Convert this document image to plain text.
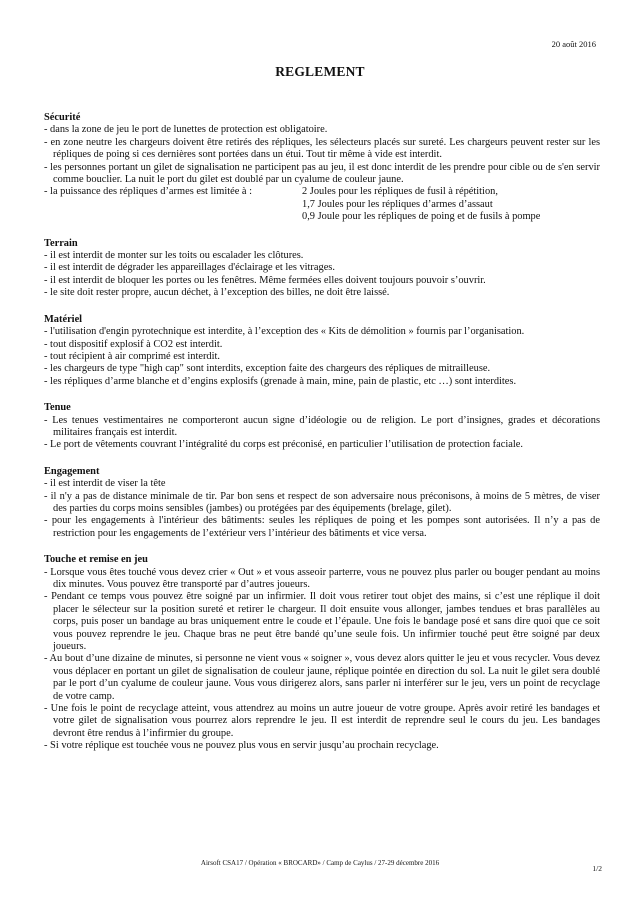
20 août 2016
REGLEMENT
Sécurité
- dans la zone de jeu le port de lunettes de protection est obligatoire.
- en zone neutre les chargeurs doivent être retirés des répliques, les sélecteurs placés sur sureté. Les chargeurs peuvent rester sur les répliques de poing si ces dernières sont portées dans un étui. Tout tir même à vide est interdit.
- les personnes portant un gilet de signalisation ne participent pas au jeu, il est donc interdit de les prendre pour cible ou de s'en servir comme bouclier. La nuit le port du gilet est doublé par un cyalume de couleur jaune.
- la puissance des répliques d’armes est limitée à :	2 Joules pour les répliques de fusil à répétition,
1,7 Joules pour les répliques d’armes d’assaut
0,9 Joule pour les répliques de poing et de fusils à pompe
Terrain
- il est interdit de monter sur les toits ou escalader les clôtures.
- il est interdit de dégrader les appareillages d'éclairage et les vitrages.
- il est interdit de bloquer les portes ou les fenêtres. Même fermées elles doivent toujours pouvoir s’ouvrir.
- le site doit rester propre, aucun déchet, à l’exception des billes, ne doit être laissé.
Matériel
- l'utilisation d'engin pyrotechnique est interdite, à l’exception des « Kits de démolition » fournis par l’organisation.
- tout dispositif explosif à CO2 est interdit.
- tout récipient à air comprimé est interdit.
- les chargeurs de type "high cap" sont interdits, exception faite des chargeurs des répliques de mitrailleuse.
- les répliques d’arme blanche et d’engins explosifs (grenade à main, mine, pain de plastic, etc …) sont interdites.
Tenue
- Les tenues vestimentaires ne comporteront aucun signe d’idéologie ou de religion. Le port d’insignes, grades et décorations militaires français est interdit.
- Le port de vêtements couvrant l’intégralité du corps est préconisé, en particulier l’utilisation de protection faciale.
Engagement
- il est interdit de viser la tête
- il n'y a pas de distance minimale de tir. Par bon sens et respect de son adversaire nous préconisons, à moins de 5 mètres, de viser des parties du corps moins sensibles (jambes) ou protégées par des équipements (brelage, gilet).
- pour les engagements à l'intérieur des bâtiments: seules les répliques de poing et les pompes sont autorisées. Il n’y a pas de restriction pour les engagements de l’extérieur vers l’intérieur des bâtiments et vice versa.
Touche et remise en jeu
- Lorsque vous êtes touché vous devez crier « Out » et vous asseoir parterre, vous ne pouvez plus parler ou bouger pendant au moins dix minutes. Vous pouvez être transporté par d’autres joueurs.
- Pendant ce temps vous pouvez être soigné par un infirmier. Il doit vous retirer tout objet des mains, si c’est une réplique il doit placer le sélecteur sur la position sureté et retirer le chargeur. Il doit ensuite vous allonger, jambes tendues et bras parallèles au corps, puis poser un bandage au bras uniquement entre le coude et l’épaule. Une fois le bandage posé et sans dire quoi que ce soit vous pouvez reprendre le jeu. Chaque bras ne peut être bandé qu’une seule fois. Un infirmier touché peut être soigné par deux joueurs.
- Au bout d’une dizaine de minutes, si personne ne vient vous « soigner », vous devez alors quitter le jeu et vous recycler. Vous devez vous déplacer en portant un gilet de signalisation de couleur jaune, réplique pointée en direction du sol. La nuit le gilet sera doublé par le port d’un cyalume de couleur jaune. Vous vous dirigerez alors, sans parler ni interférer sur le jeu, vers un point de recyclage de votre camp.
- Une fois le point de recyclage atteint, vous attendrez au moins un autre joueur de votre groupe. Après avoir retiré les bandages et votre gilet de signalisation vous pourrez alors reprendre le jeu. Il est interdit de reprendre seul le cours du jeu. Les bandages devront être rendus à l’infirmier du groupe.
- Si votre réplique est touchée vous ne pouvez plus vous en servir jusqu’au prochain recyclage.
Airsoft CSA17 / Opération « BROCARD» / Camp de Caylus / 27-29 décembre 2016
1/2
